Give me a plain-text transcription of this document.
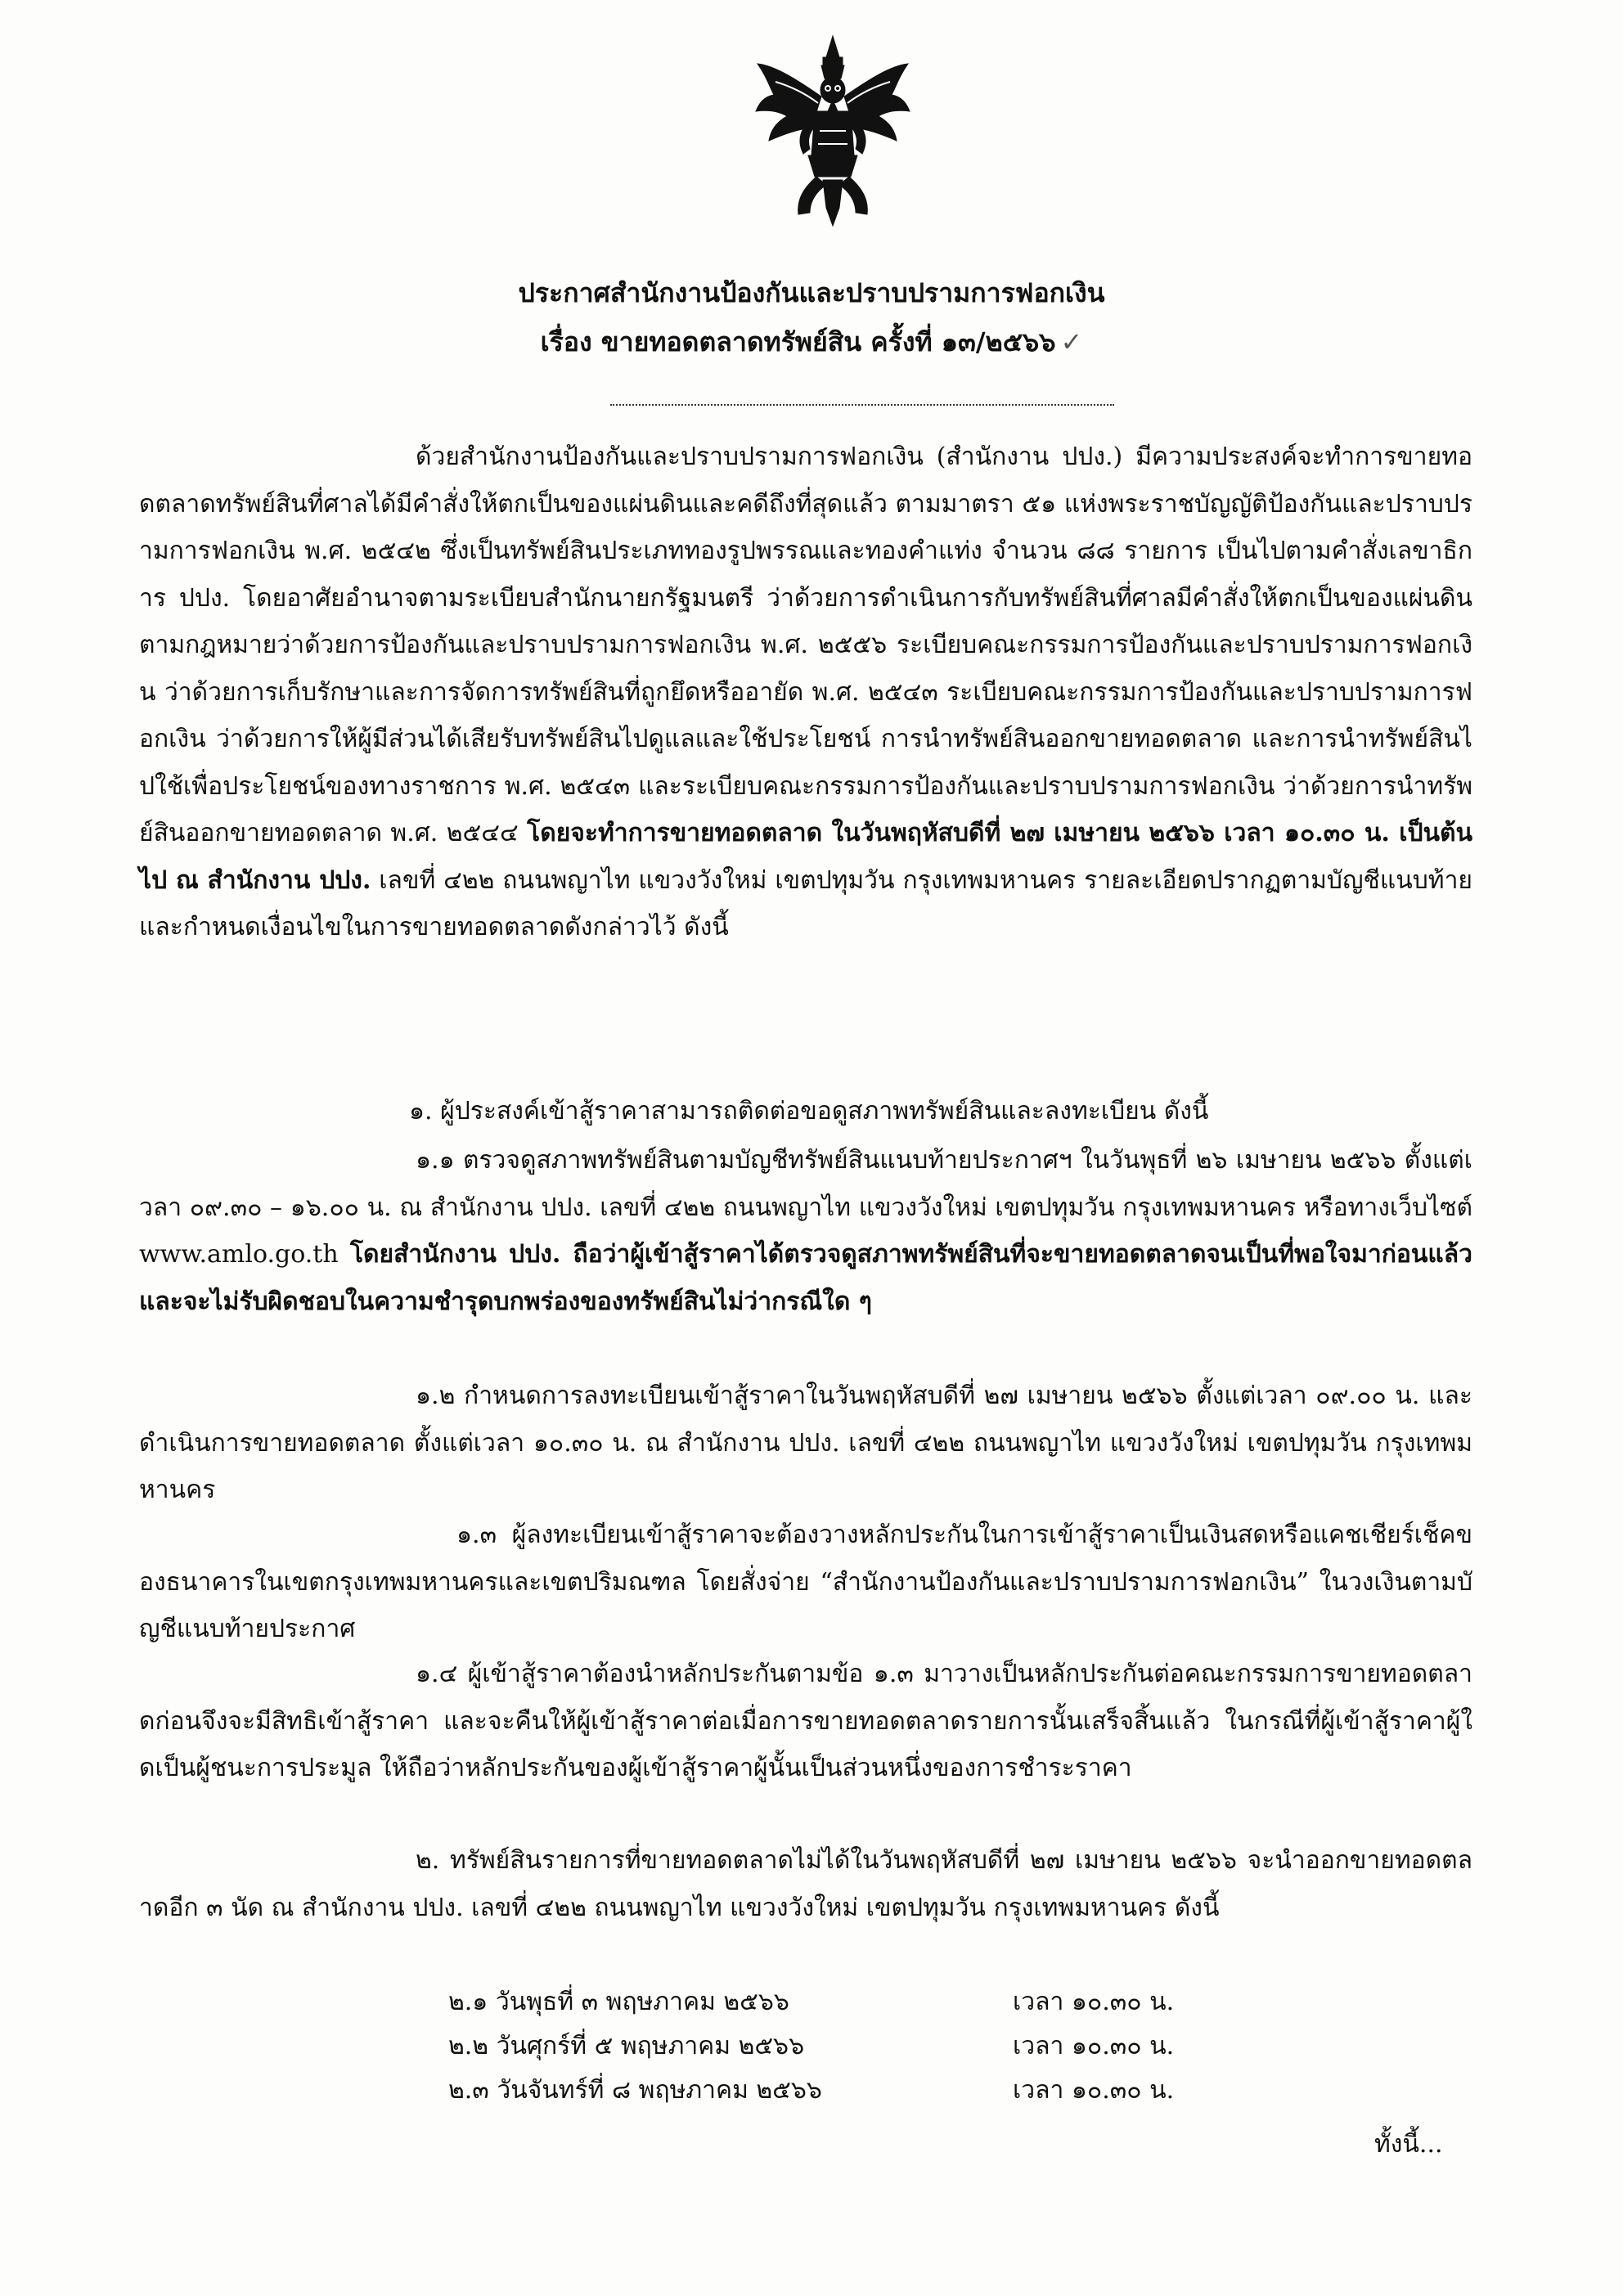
ประกาศสำนักงานป้องกันและปราบปรามการฟอกเงิน
เรื่อง ขายทอดตลาดทรัพย์สิน ครั้งที่ ๑๓/๒๕๖๖ ✓
ด้วยสำนักงานป้องกันและปราบปรามการฟอกเงิน (สำนักงาน ปปง.) มีความประสงค์จะทำการขายทอดตลาดทรัพย์สินที่ศาลได้มีคำสั่งให้ตกเป็นของแผ่นดินและคดีถึงที่สุดแล้ว ตามมาตรา ๕๑ แห่งพระราชบัญญัติป้องกันและปราบปรามการฟอกเงิน พ.ศ. ๒๕๔๒ ซึ่งเป็นทรัพย์สินประเภททองรูปพรรณและทองคำแท่ง จำนวน ๘๘ รายการ เป็นไปตามคำสั่งเลขาธิการ ปปง. โดยอาศัยอำนาจตามระเบียบสำนักนายกรัฐมนตรี ว่าด้วยการดำเนินการกับทรัพย์สินที่ศาลมีคำสั่งให้ตกเป็นของแผ่นดินตามกฎหมายว่าด้วยการป้องกันและปราบปรามการฟอกเงิน พ.ศ. ๒๕๕๖ ระเบียบคณะกรรมการป้องกันและปราบปรามการฟอกเงิน ว่าด้วยการเก็บรักษาและการจัดการทรัพย์สินที่ถูกยึดหรืออายัด พ.ศ. ๒๕๔๓ ระเบียบคณะกรรมการป้องกันและปราบปรามการฟอกเงิน ว่าด้วยการให้ผู้มีส่วนได้เสียรับทรัพย์สินไปดูแลและใช้ประโยชน์ การนำทรัพย์สินออกขายทอดตลาด และการนำทรัพย์สินไปใช้เพื่อประโยชน์ของทางราชการ พ.ศ. ๒๕๔๓ และระเบียบคณะกรรมการป้องกันและปราบปรามการฟอกเงิน ว่าด้วยการนำทรัพย์สินออกขายทอดตลาด พ.ศ. ๒๕๔๔ โดยจะทำการขายทอดตลาด ในวันพฤหัสบดีที่ ๒๗ เมษายน ๒๕๖๖ เวลา ๑๐.๓๐ น. เป็นต้นไป ณ สำนักงาน ปปง. เลขที่ ๔๒๒ ถนนพญาไท แขวงวังใหม่ เขตปทุมวัน กรุงเทพมหานคร รายละเอียดปรากฏตามบัญชีแนบท้าย และกำหนดเงื่อนไขในการขายทอดตลาดดังกล่าวไว้ ดังนี้
๑. ผู้ประสงค์เข้าสู้ราคาสามารถติดต่อขอดูสภาพทรัพย์สินและลงทะเบียน ดังนี้
๑.๑ ตรวจดูสภาพทรัพย์สินตามบัญชีทรัพย์สินแนบท้ายประกาศฯ ในวันพุธที่ ๒๖ เมษายน ๒๕๖๖ ตั้งแต่เวลา ๐๙.๓๐ – ๑๖.๐๐ น. ณ สำนักงาน ปปง. เลขที่ ๔๒๒ ถนนพญาไท แขวงวังใหม่ เขตปทุมวัน กรุงเทพมหานคร หรือทางเว็บไซต์ www.amlo.go.th โดยสำนักงาน ปปง. ถือว่าผู้เข้าสู้ราคาได้ตรวจดูสภาพทรัพย์สินที่จะขายทอดตลาดจนเป็นที่พอใจมาก่อนแล้ว และจะไม่รับผิดชอบในความชำรุดบกพร่องของทรัพย์สินไม่ว่ากรณีใด ๆ
๑.๒ กำหนดการลงทะเบียนเข้าสู้ราคาในวันพฤหัสบดีที่ ๒๗ เมษายน ๒๕๖๖ ตั้งแต่เวลา ๐๙.๐๐ น. และดำเนินการขายทอดตลาด ตั้งแต่เวลา ๑๐.๓๐ น. ณ สำนักงาน ปปง. เลขที่ ๔๒๒ ถนนพญาไท แขวงวังใหม่ เขตปทุมวัน กรุงเทพมหานคร
๑.๓ ผู้ลงทะเบียนเข้าสู้ราคาจะต้องวางหลักประกันในการเข้าสู้ราคาเป็นเงินสดหรือแคชเชียร์เช็คของธนาคารในเขตกรุงเทพมหานครและเขตปริมณฑล โดยสั่งจ่าย “สำนักงานป้องกันและปราบปรามการฟอกเงิน” ในวงเงินตามบัญชีแนบท้ายประกาศ
๑.๔ ผู้เข้าสู้ราคาต้องนำหลักประกันตามข้อ ๑.๓ มาวางเป็นหลักประกันต่อคณะกรรมการขายทอดตลาดก่อนจึงจะมีสิทธิเข้าสู้ราคา และจะคืนให้ผู้เข้าสู้ราคาต่อเมื่อการขายทอดตลาดรายการนั้นเสร็จสิ้นแล้ว ในกรณีที่ผู้เข้าสู้ราคาผู้ใดเป็นผู้ชนะการประมูล ให้ถือว่าหลักประกันของผู้เข้าสู้ราคาผู้นั้นเป็นส่วนหนึ่งของการชำระราคา
๒. ทรัพย์สินรายการที่ขายทอดตลาดไม่ได้ในวันพฤหัสบดีที่ ๒๗ เมษายน ๒๕๖๖ จะนำออกขายทอดตลาดอีก ๓ นัด ณ สำนักงาน ปปง. เลขที่ ๔๒๒ ถนนพญาไท แขวงวังใหม่ เขตปทุมวัน กรุงเทพมหานคร ดังนี้
๒.๑ วันพุธที่ ๓ พฤษภาคม ๒๕๖๖	เวลา ๑๐.๓๐ น.
๒.๒ วันศุกร์ที่ ๕ พฤษภาคม ๒๕๖๖	เวลา ๑๐.๓๐ น.
๒.๓ วันจันทร์ที่ ๘ พฤษภาคม ๒๕๖๖	เวลา ๑๐.๓๐ น.
ทั้งนี้...
